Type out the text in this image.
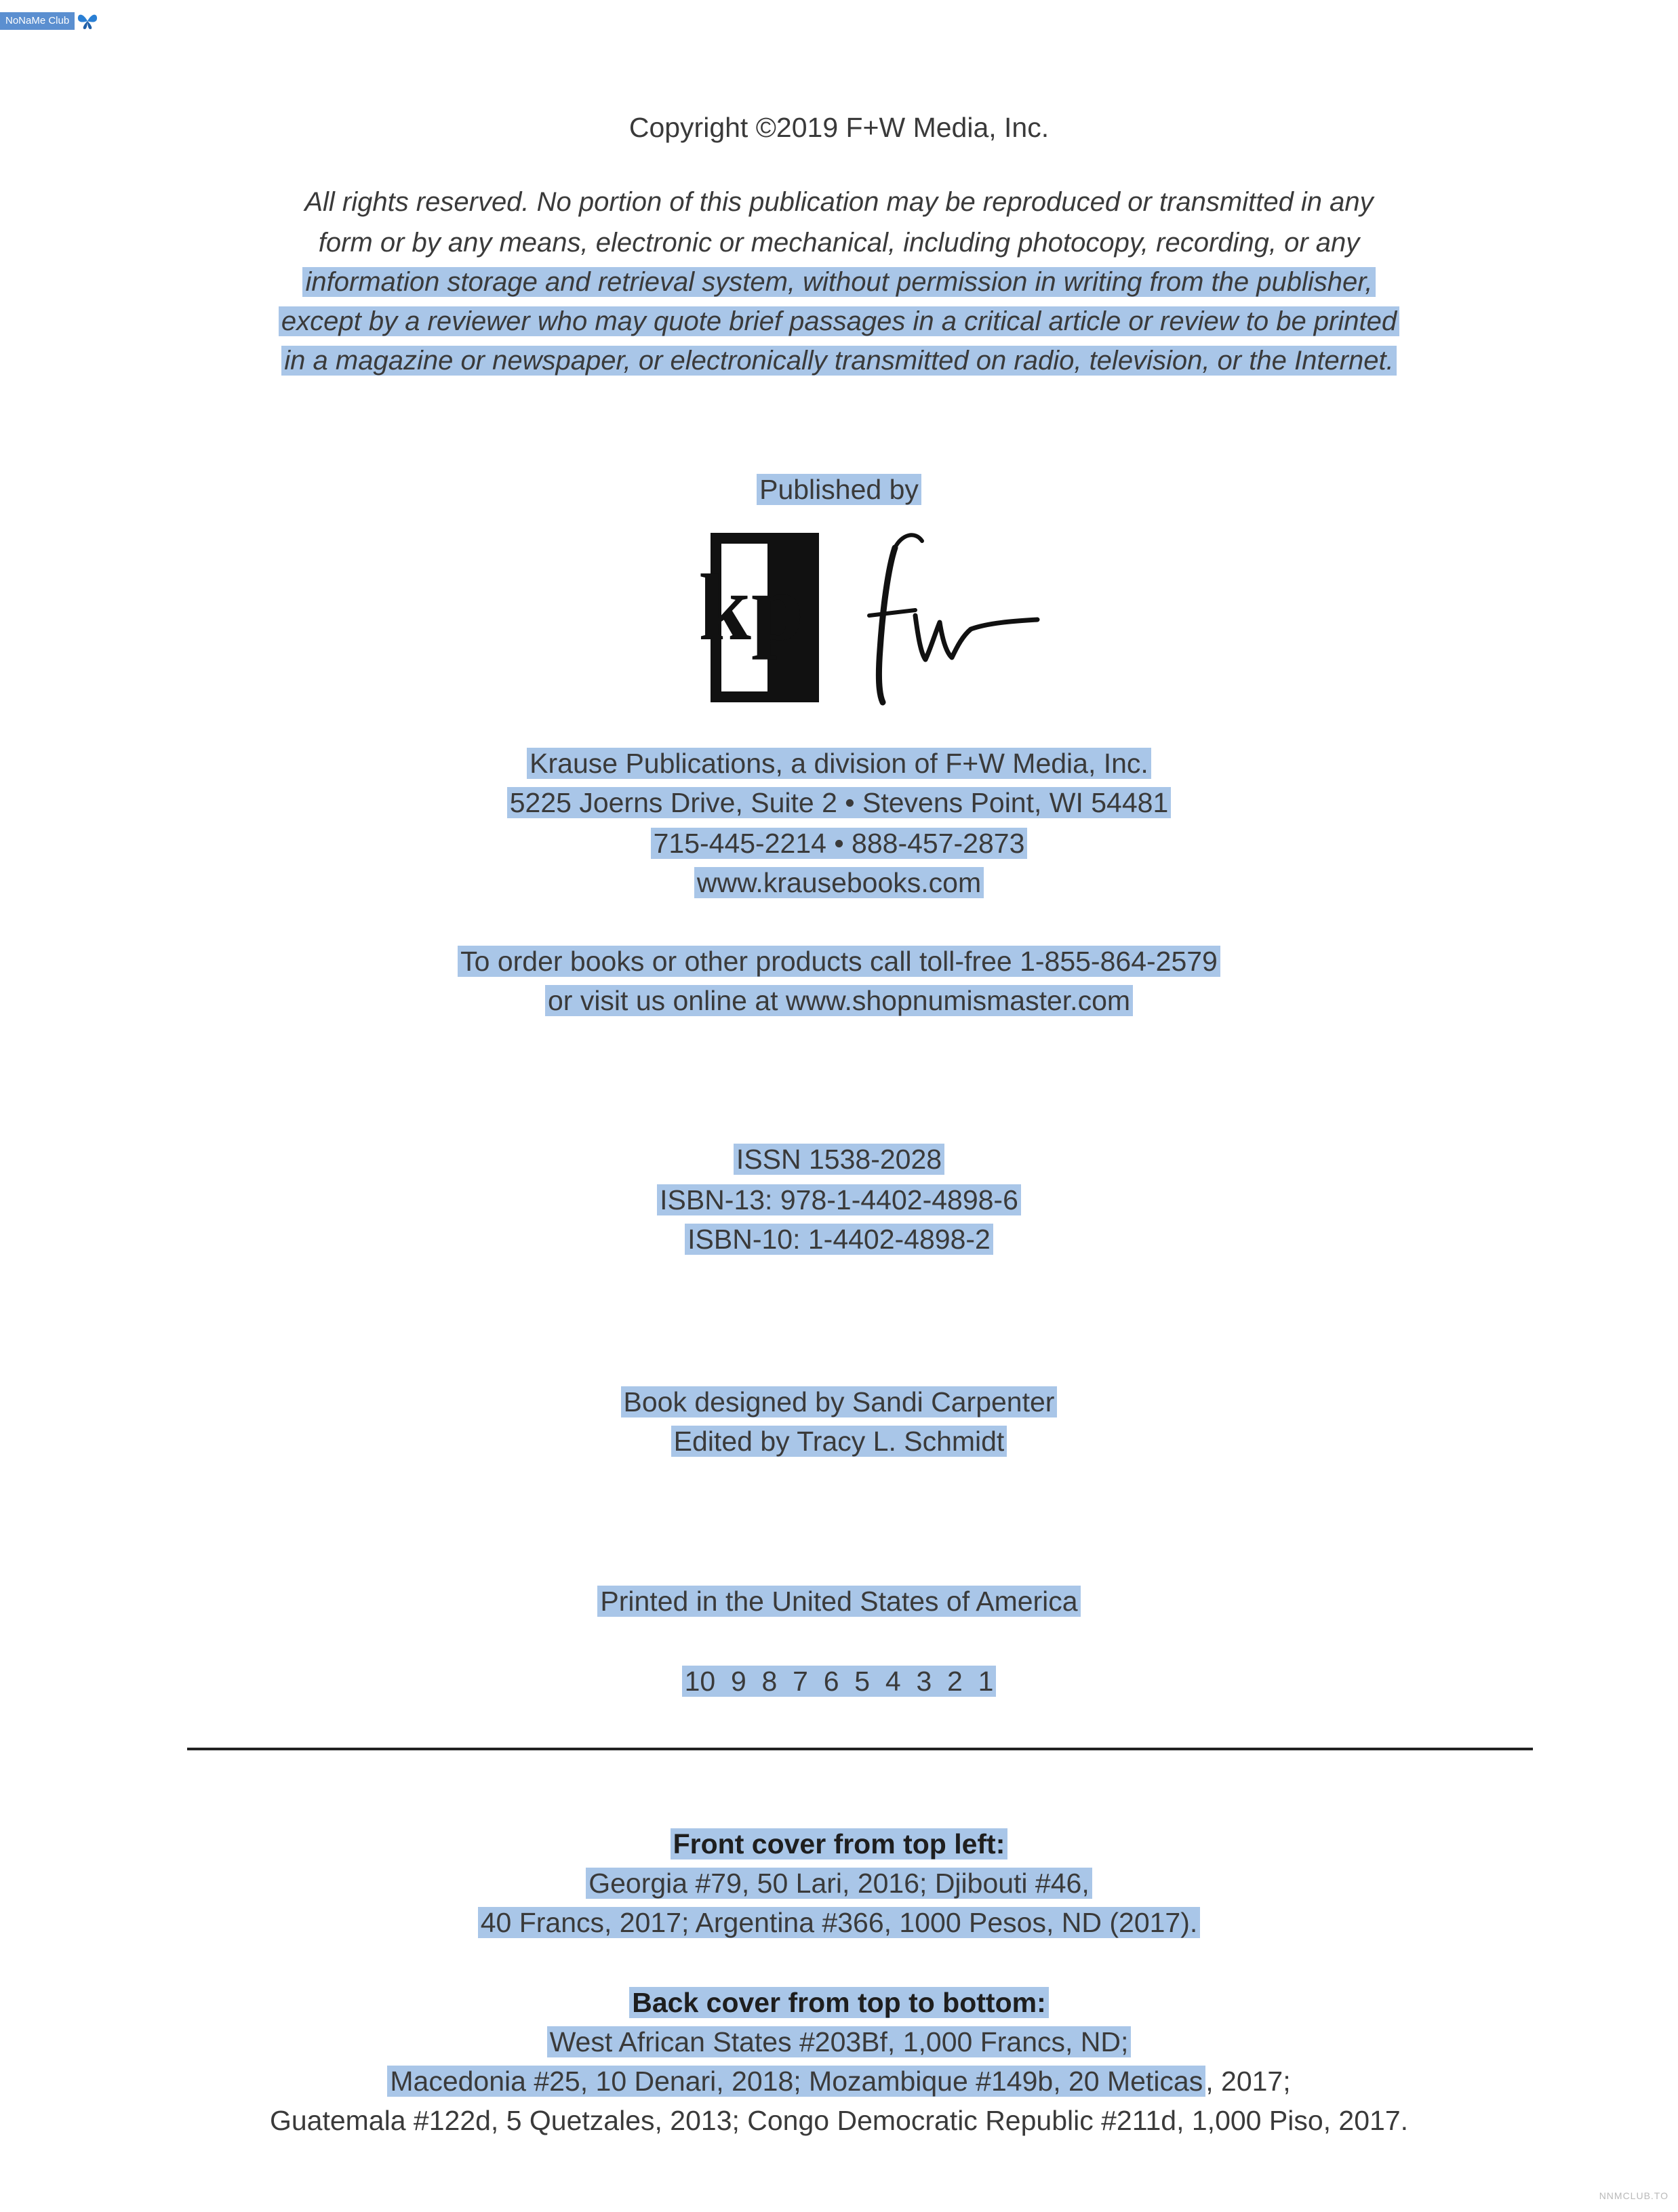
NoNaMe Club
Copyright ©2019 F+W Media, Inc.
All rights reserved. No portion of this publication may be reproduced or transmitted in any
form or by any means, electronic or mechanical, including photocopy, recording, or any
information storage and retrieval system, without permission in writing from the publisher,
except by a reviewer who may quote brief passages in a critical article or review to be printed
in a magazine or newspaper, or electronically transmitted on radio, television, or the Internet.
Published by
kp
fw
Krause Publications, a division of F+W Media, Inc.
5225 Joerns Drive, Suite 2 • Stevens Point, WI 54481
715-445-2214 • 888-457-2873
www.krausebooks.com
To order books or other products call toll-free 1-855-864-2579
or visit us online at www.shopnumismaster.com
ISSN 1538-2028
ISBN-13: 978-1-4402-4898-6
ISBN-10: 1-4402-4898-2
Book designed by Sandi Carpenter
Edited by Tracy L. Schmidt
Printed in the United States of America
10  9  8  7  6  5  4  3  2  1
Front cover from top left:
Georgia #79, 50 Lari, 2016; Djibouti #46,
40 Francs, 2017; Argentina #366, 1000 Pesos, ND (2017).
Back cover from top to bottom:
West African States #203Bf, 1,000 Francs, ND;
Macedonia #25, 10 Denari, 2018; Mozambique #149b, 20 Meticas, 2017;
Guatemala #122d, 5 Quetzales, 2013; Congo Democratic Republic #211d, 1,000 Piso, 2017.
NNMCLUB.TO
